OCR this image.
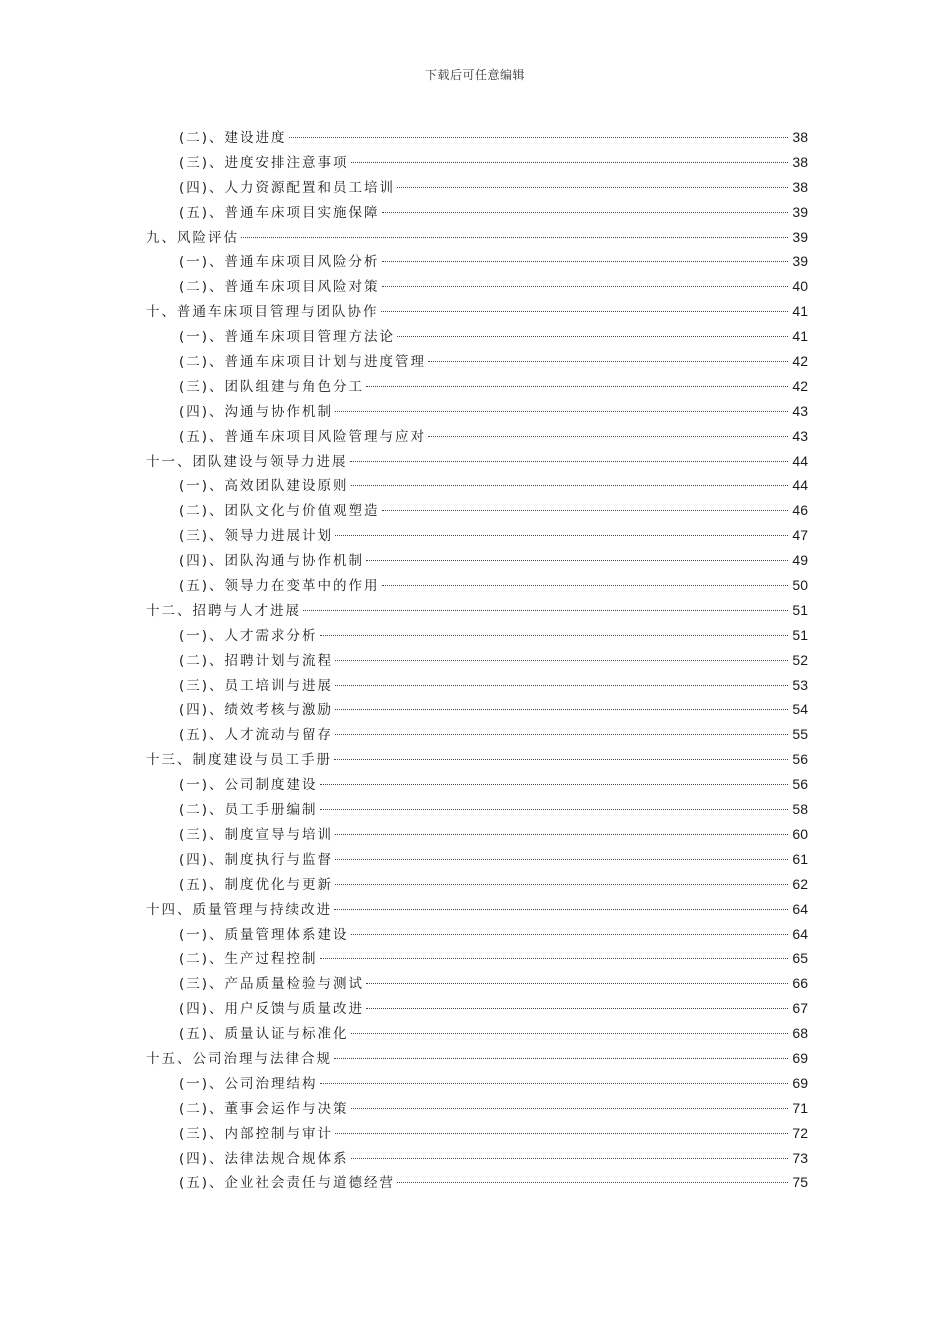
下载后可任意编辑
(二)、建设进度	38
(三)、进度安排注意事项	38
(四)、人力资源配置和员工培训	38
(五)、普通车床项目实施保障	39
九、风险评估	39
(一)、普通车床项目风险分析	39
(二)、普通车床项目风险对策	40
十、普通车床项目管理与团队协作	41
(一)、普通车床项目管理方法论	41
(二)、普通车床项目计划与进度管理	42
(三)、团队组建与角色分工	42
(四)、沟通与协作机制	43
(五)、普通车床项目风险管理与应对	43
十一、团队建设与领导力进展	44
(一)、高效团队建设原则	44
(二)、团队文化与价值观塑造	46
(三)、领导力进展计划	47
(四)、团队沟通与协作机制	49
(五)、领导力在变革中的作用	50
十二、招聘与人才进展	51
(一)、人才需求分析	51
(二)、招聘计划与流程	52
(三)、员工培训与进展	53
(四)、绩效考核与激励	54
(五)、人才流动与留存	55
十三、制度建设与员工手册	56
(一)、公司制度建设	56
(二)、员工手册编制	58
(三)、制度宣导与培训	60
(四)、制度执行与监督	61
(五)、制度优化与更新	62
十四、质量管理与持续改进	64
(一)、质量管理体系建设	64
(二)、生产过程控制	65
(三)、产品质量检验与测试	66
(四)、用户反馈与质量改进	67
(五)、质量认证与标准化	68
十五、公司治理与法律合规	69
(一)、公司治理结构	69
(二)、董事会运作与决策	71
(三)、内部控制与审计	72
(四)、法律法规合规体系	73
(五)、企业社会责任与道德经营	75
